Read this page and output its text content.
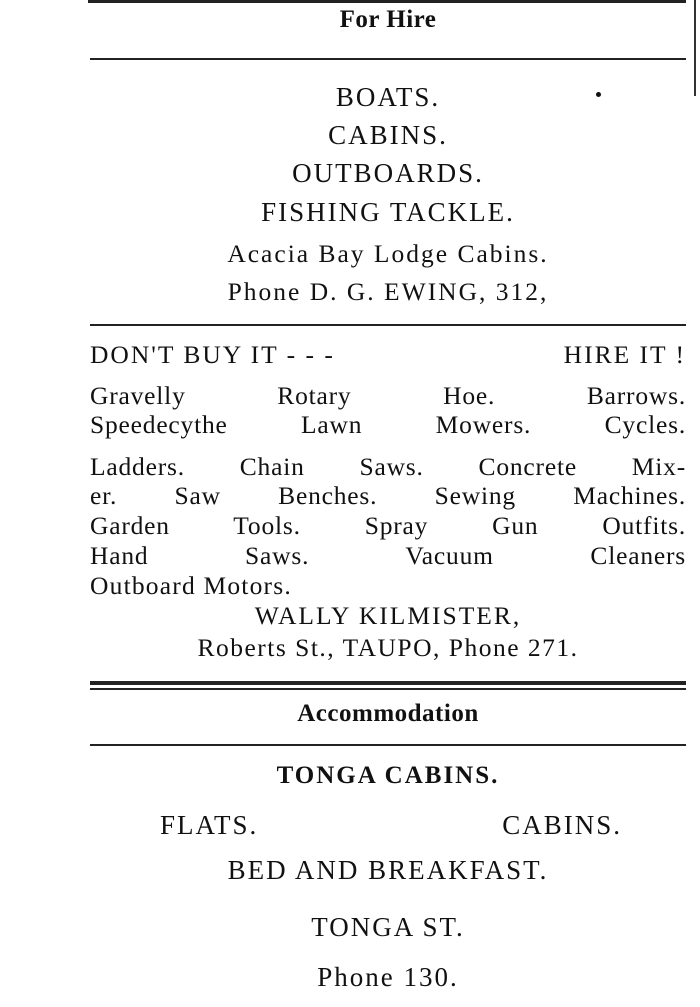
For Hire
BOATS.
CABINS.
OUTBOARDS.
FISHING TACKLE.
Acacia Bay Lodge Cabins.
Phone D. G. EWING, 312,
DON'T BUY IT - - -	HIRE IT !
Gravelly Rotary Hoe. Barrows.
Speedecythe Lawn Mowers. Cycles.
Ladders. Chain Saws. Concrete Mix-
er. Saw Benches. Sewing Machines.
Garden Tools. Spray Gun Outfits.
Hand Saws. Vacuum Cleaners
Outboard Motors.
WALLY KILMISTER,
Roberts St., TAUPO, Phone 271.
Accommodation
TONGA CABINS.
FLATS.	CABINS.
BED AND BREAKFAST.
TONGA ST.
Phone 130.
